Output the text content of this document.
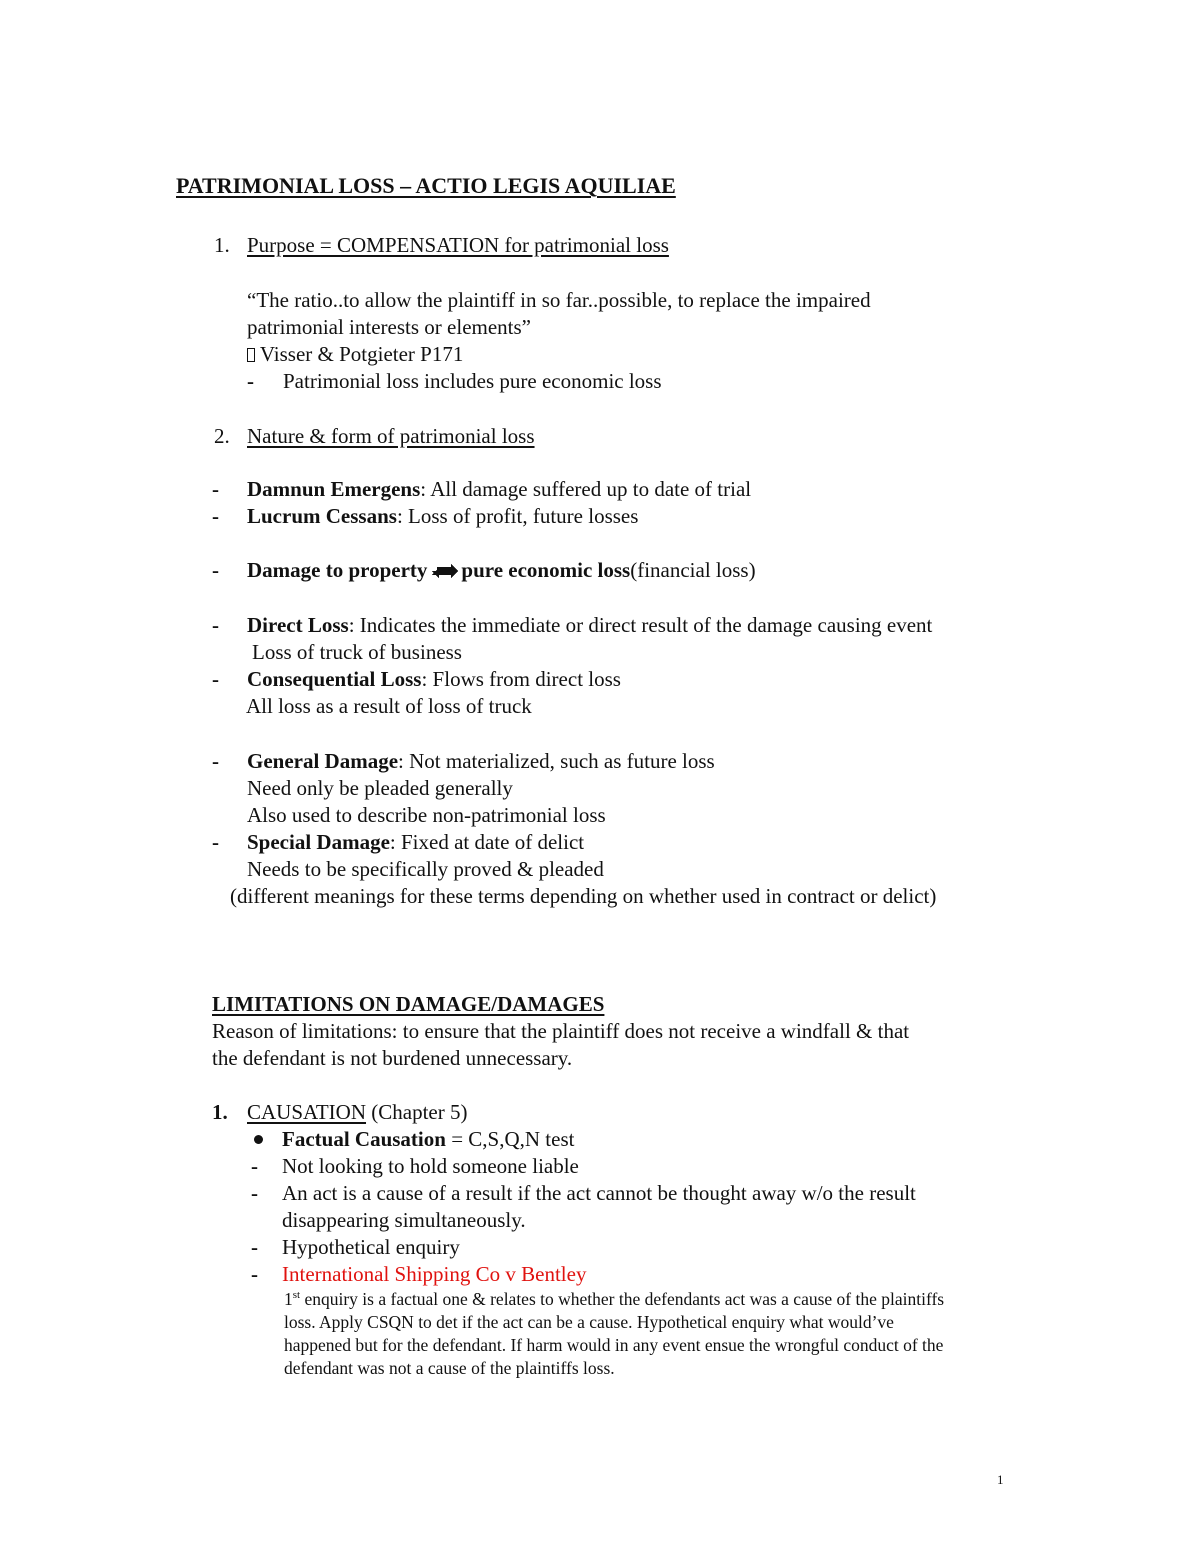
PATRIMONIAL LOSS – ACTIO LEGIS AQUILIAE
1. Purpose = COMPENSATION for patrimonial loss
“The ratio..to allow the plaintiff in so far..possible, to replace the impaired
patrimonial interests or elements”
Visser & Potgieter P171
- Patrimonial loss includes pure economic loss
2. Nature & form of patrimonial loss
- Damnun Emergens: All damage suffered up to date of trial
- Lucrum Cessans: Loss of profit, future losses
- Damage to property pure economic loss(financial loss)
- Direct Loss: Indicates the immediate or direct result of the damage causing event
Loss of truck of business
- Consequential Loss: Flows from direct loss
All loss as a result of loss of truck
- General Damage: Not materialized, such as future loss
Need only be pleaded generally
Also used to describe non-patrimonial loss
- Special Damage: Fixed at date of delict
Needs to be specifically proved & pleaded
(different meanings for these terms depending on whether used in contract or delict)
LIMITATIONS ON DAMAGE/DAMAGES
Reason of limitations: to ensure that the plaintiff does not receive a windfall & that
the defendant is not burdened unnecessary.
1. CAUSATION (Chapter 5)
Factual Causation = C,S,Q,N test
- Not looking to hold someone liable
- An act is a cause of a result if the act cannot be thought away w/o the result
disappearing simultaneously.
- Hypothetical enquiry
- International Shipping Co v Bentley
1st enquiry is a factual one & relates to whether the defendants act was a cause of the plaintiffs
loss. Apply CSQN to det if the act can be a cause. Hypothetical enquiry what would’ve
happened but for the defendant. If harm would in any event ensue the wrongful conduct of the
defendant was not a cause of the plaintiffs loss.
1
